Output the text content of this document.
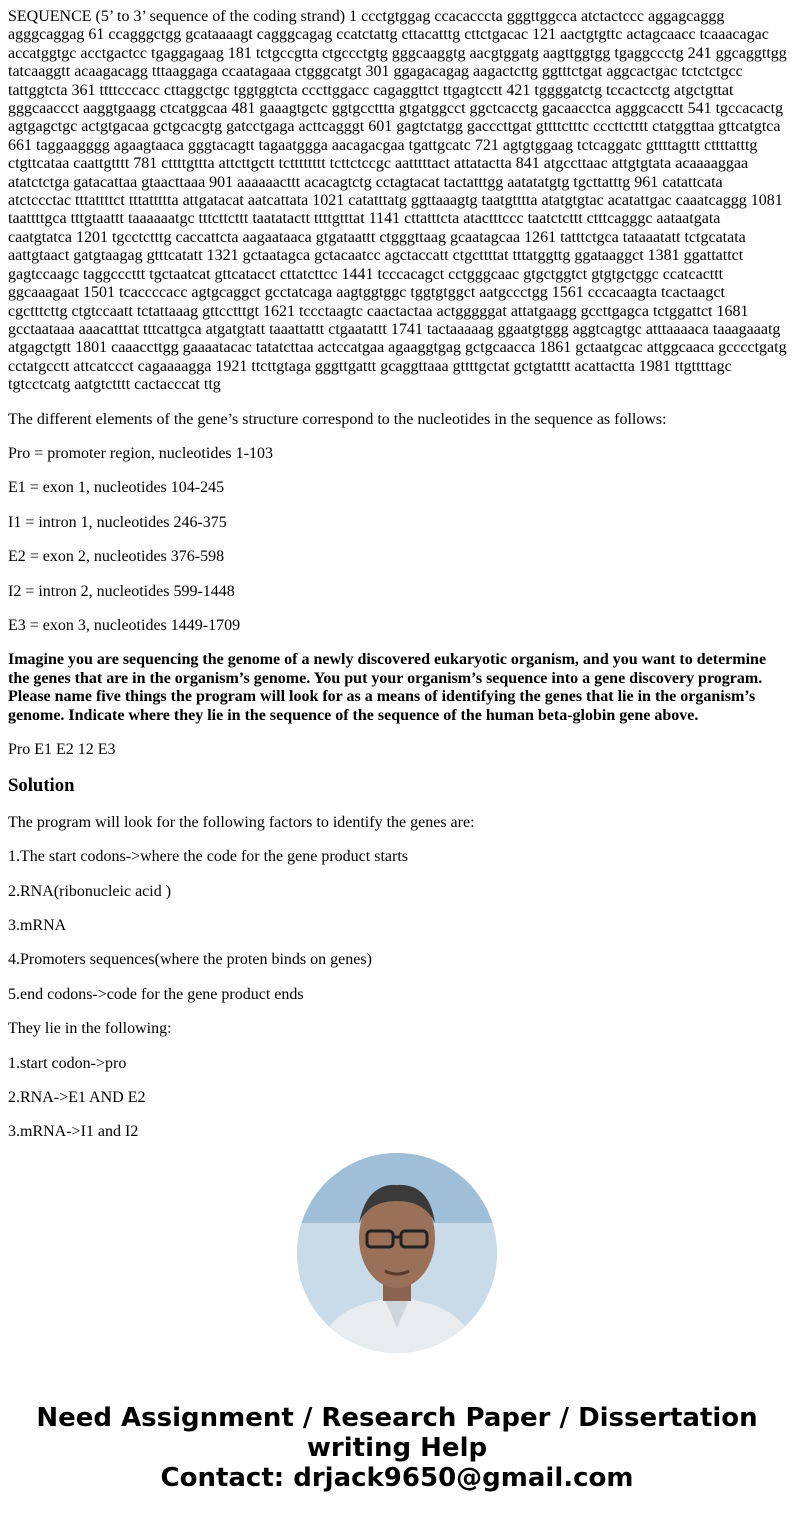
SEQUENCE (5’ to 3’ sequence of the coding strand) 1 ccctgtggag ccacacccta gggttggcca atctactccc aggagcaggg agggcaggag 61 ccagggctgg gcataaaagt cagggcagag ccatctattg cttacatttg cttctgacac 121 aactgtgttc actagcaacc tcaaacagac accatggtgc acctgactcc tgaggagaag 181 tctgccgtta ctgccctgtg gggcaaggtg aacgtggatg aagttggtgg tgaggccctg 241 ggcaggttgg tatcaaggtt acaagacagg tttaaggaga ccaatagaaa ctgggcatgt 301 ggagacagag aagactcttg ggtttctgat aggcactgac tctctctgcc tattggtcta 361 ttttcccacc cttaggctgc tggtggtcta cccttggacc cagaggttct ttgagtcctt 421 tggggatctg tccactcctg atgctgttat gggcaaccct aaggtgaagg ctcatggcaa 481 gaaagtgctc ggtgccttta gtgatggcct ggctcacctg gacaacctca agggcacctt 541 tgccacactg agtgagctgc actgtgacaa gctgcacgtg gatcctgaga acttcagggt 601 gagtctatgg gacccttgat gttttctttc cccttctttt ctatggttaa gttcatgtca 661 taggaagggg agaagtaaca gggtacagtt tagaatggga aacagacgaa tgattgcatc 721 agtgtggaag tctcaggatc gttttagttt cttttatttg ctgttcataa caattgtttt 781 cttttgttta attcttgctt tctttttttt tcttctccgc aatttttact attatactta 841 atgccttaac attgtgtata acaaaaggaa atatctctga gatacattaa gtaacttaaa 901 aaaaaacttt acacagtctg cctagtacat tactatttgg aatatatgtg tgcttatttg 961 catattcata atctccctac tttattttct tttattttta attgatacat aatcattata 1021 catatttatg ggttaaagtg taatgtttta atatgtgtac acatattgac caaatcaggg 1081 taattttgca tttgtaattt taaaaaatgc tttcttcttt taatatactt ttttgtttat 1141 cttatttcta atactttccc taatctcttt ctttcagggc aataatgata caatgtatca 1201 tgcctctttg caccattcta aagaataaca gtgataattt ctgggttaag gcaatagcaa 1261 tatttctgca tataaatatt tctgcatata aattgtaact gatgtaagag gtttcatatt 1321 gctaatagca gctacaatcc agctaccatt ctgcttttat tttatggttg ggataaggct 1381 ggattattct gagtccaagc taggcccttt tgctaatcat gttcatacct cttatcttcc 1441 tcccacagct cctgggcaac gtgctggtct gtgtgctggc ccatcacttt ggcaaagaat 1501 tcaccccacc agtgcaggct gcctatcaga aagtggtggc tggtgtggct aatgccctgg 1561 cccacaagta tcactaagct cgctttcttg ctgtccaatt tctattaaag gttcctttgt 1621 tccctaagtc caactactaa actgggggat attatgaagg gccttgagca tctggattct 1681 gcctaataaa aaacatttat tttcattgca atgatgtatt taaattattt ctgaatattt 1741 tactaaaaag ggaatgtggg aggtcagtgc atttaaaaca taaagaaatg atgagctgtt 1801 caaaccttgg gaaaatacac tatatcttaa actccatgaa agaaggtgag gctgcaacca 1861 gctaatgcac attggcaaca gcccctgatg cctatgcctt attcatccct cagaaaagga 1921 ttcttgtaga gggttgattt gcaggttaaa gttttgctat gctgtatttt acattactta 1981 ttgttttagc tgtcctcatg aatgtctttt cactacccat ttg

The different elements of the gene’s structure correspond to the nucleotides in the sequence as follows:

Pro = promoter region, nucleotides 1-103

E1 = exon 1, nucleotides 104-245

I1 = intron 1, nucleotides 246-375

E2 = exon 2, nucleotides 376-598

I2 = intron 2, nucleotides 599-1448

E3 = exon 3, nucleotides 1449-1709

Imagine you are sequencing the genome of a newly discovered eukaryotic organism, and you want to determine the genes that are in the organism’s genome. You put your organism’s sequence into a gene discovery program. Please name five things the program will look for as a means of identifying the genes that lie in the organism’s genome. Indicate where they lie in the sequence of the sequence of the human beta-globin gene above.

Pro E1 E2 12 E3

Solution

The program will look for the following factors to identify the genes are:

1.The start codons->where the code for the gene product starts

2.RNA(ribonucleic acid )

3.mRNA

4.Promoters sequences(where the proten binds on genes)

5.end codons->code for the gene product ends

They lie in the following:

1.start codon->pro

2.RNA->E1 AND E2

3.mRNA->I1 and I2

Need Assignment / Research Paper / Dissertation writing Help
Contact: drjack9650@gmail.com
